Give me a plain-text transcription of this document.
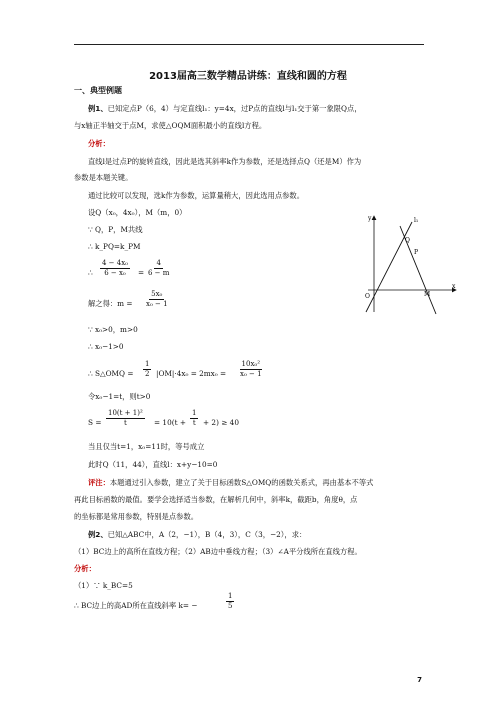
2013届高三数学精品讲练：直线和圆的方程
一、典型例题
例1、已知定点P（6，4）与定直线l₁：y=4x，过P点的直线l与l₁交于第一象限Q点，
与x轴正半轴交于点M，求使△OQM面积最小的直线l方程。
分析：
直线l是过点P的旋转直线，因此是选其斜率k作为参数，还是选择点Q（还是M）作为
参数是本题关键。
通过比较可以发现，选k作为参数，运算量稍大，因此选用点参数。
设Q（x₀，4x₀），M（m，0）
∵ Q，P，M共线
∴ k_PQ=k_PM
∴ $\frac{\text{4 − 4x₀}}{\text{6 − x₀}} = \frac{4}{6 - m}$
解之得：$m = \frac{\text{5x₀}}{\text{x₀ − 1}}$
∵ x₀>0，m>0
∴ x₀−1>0
∴ S△OMQ = $\frac{1}{2} |OM|\cdot 4x_0 = 2mx_0 = \frac{\text{10x₀²}}{\text{x₀ − 1}}$
令x₀−1=t，则t>0
$S = \frac{\text{10(t + 1)²}}{t} = 10(t + \frac{1}{t} + 2) \ge 40$
当且仅当t=1，x₀=11时，等号成立
此时Q（11，44），直线l：x+y−10=0
评注：本题通过引入参数，建立了关于目标函数S△OMQ的函数关系式，再由基本不等式
再此目标函数的最值。要学会选择适当参数，在解析几何中，斜率k，截距b，角度θ，点
的坐标都是常用参数，特别是点参数。
例2、已知△ABC中，A（2，−1），B（4，3），C（3，−2），求：
（1）BC边上的高所在直线方程；（2）AB边中垂线方程；（3）∠A平分线所在直线方程。
分析：
（1）∵ k_BC=5
∴ BC边上的高AD所在直线斜率 k= −	$\frac{1}{5}$
y
x
O
l₁
Q
P
M
7
